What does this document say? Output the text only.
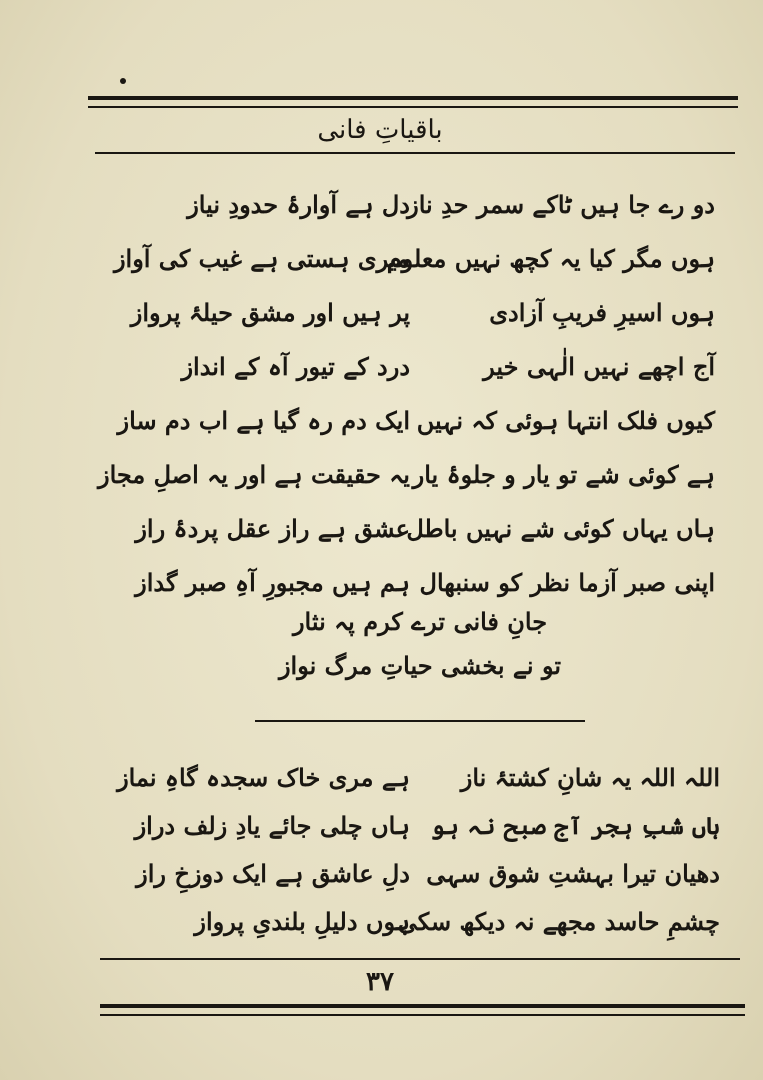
باقیاتِ فانی
دو رے جا ہیں ٹاکے سمر حدِ ناز
ہوں مگر کیا یہ کچھ نہیں معلوم
ہوں اسیرِ فریبِ آزادی
آج اچھے نہیں الٰہی خیر
کیوں فلک انتہا ہوئی کہ نہیں
ہے کوئی شے تو یار و جلوۂ یار
ہاں یہاں کوئی شے نہیں باطل
اپنی صبر آزما نظر کو سنبھال
دل ہے آوارۂ حدودِ نیاز
میری ہستی ہے غیب کی آواز
پر ہیں اور مشق حیلۂ پرواز
درد کے تیور آہ کے انداز
ایک دم رہ گیا ہے اب دم ساز
یہ حقیقت ہے اور یہ اصلِ مجاز
عشق ہے راز عقل پردۂ راز
ہم ہیں مجبورِ آہِ صبر گداز
جانِ فانی ترے کرم پہ نثار
تو نے بخشی حیاتِ مرگ نواز
اللہ اللہ یہ شانِ کشتۂ ناز
ہاں شبِ ہجر آج صبح نہ ہو
دھیان تیرا بہشتِ شوق سہی
چشمِ حاسد مجھے نہ دیکھ سکی
ہے مری خاک سجدہ گاہِ نماز
ہاں چلی جائے یادِ زلف دراز
دلِ عاشق ہے ایک دوزخِ راز
ہوں دلیلِ بلندیِ پرواز
۳۷
